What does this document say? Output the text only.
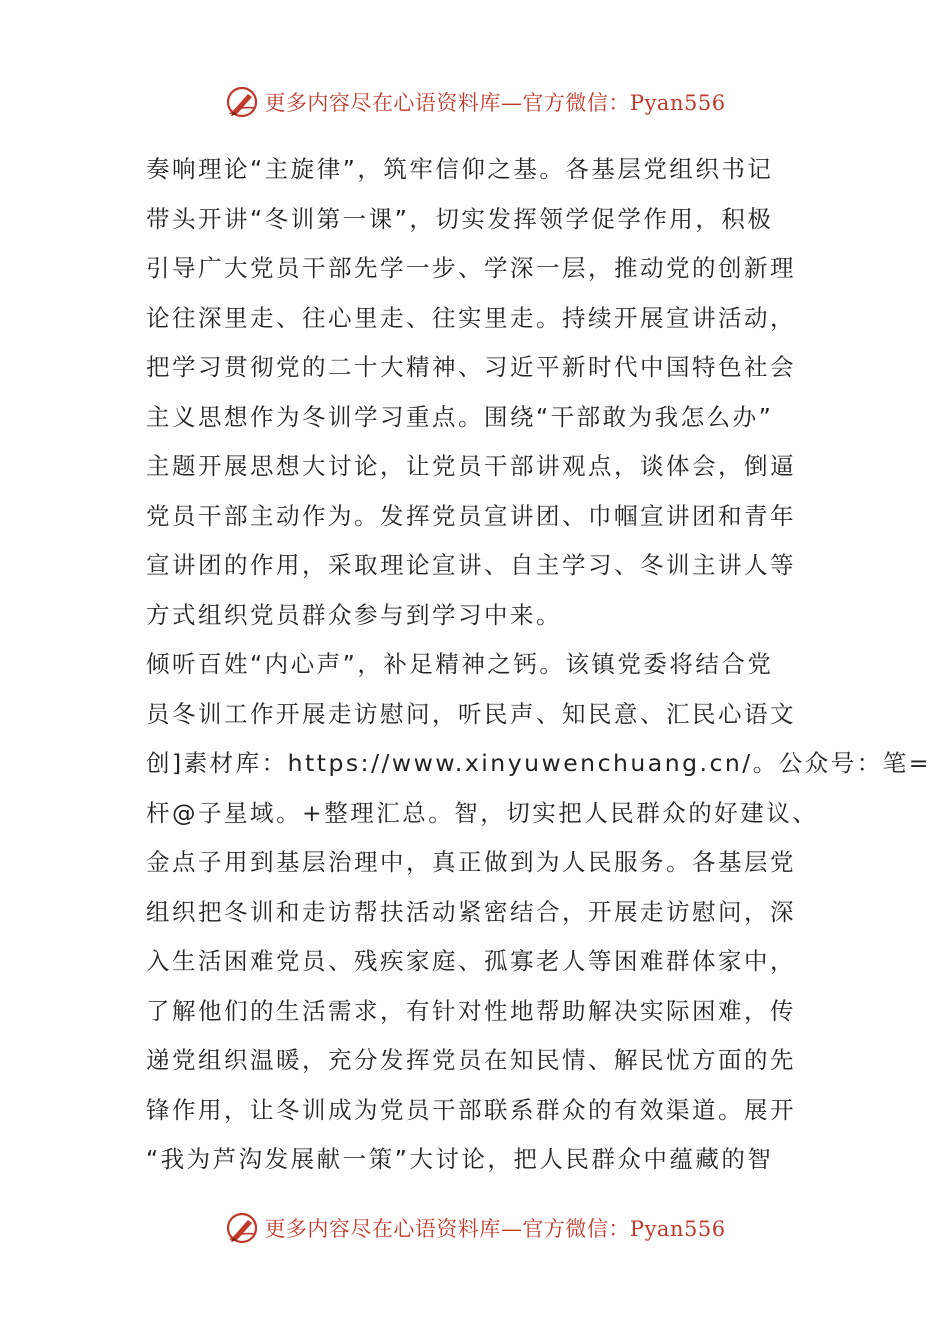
更多内容尽在心语资料库—官方微信：Pyan556
奏响理论“主旋律”，筑牢信仰之基。各基层党组织书记
带头开讲“冬训第一课”，切实发挥领学促学作用，积极
引导广大党员干部先学一步、学深一层，推动党的创新理
论往深里走、往心里走、往实里走。持续开展宣讲活动，
把学习贯彻党的二十大精神、习近平新时代中国特色社会
主义思想作为冬训学习重点。围绕“干部敢为我怎么办”
主题开展思想大讨论，让党员干部讲观点，谈体会，倒逼
党员干部主动作为。发挥党员宣讲团、巾帼宣讲团和青年
宣讲团的作用，采取理论宣讲、自主学习、冬训主讲人等
方式组织党员群众参与到学习中来。
倾听百姓“内心声”，补足精神之钙。该镇党委将结合党
员冬训工作开展走访慰问，听民声、知民意、汇民心语文
创]素材库：https://www.xinyuwenchuang.cn/。公众号：笔=
杆@子星域。+整理汇总。智，切实把人民群众的好建议、
金点子用到基层治理中，真正做到为人民服务。各基层党
组织把冬训和走访帮扶活动紧密结合，开展走访慰问，深
入生活困难党员、残疾家庭、孤寡老人等困难群体家中，
了解他们的生活需求，有针对性地帮助解决实际困难，传
递党组织温暖，充分发挥党员在知民情、解民忧方面的先
锋作用，让冬训成为党员干部联系群众的有效渠道。展开
“我为芦沟发展献一策”大讨论，把人民群众中蕴藏的智
更多内容尽在心语资料库—官方微信：Pyan556
